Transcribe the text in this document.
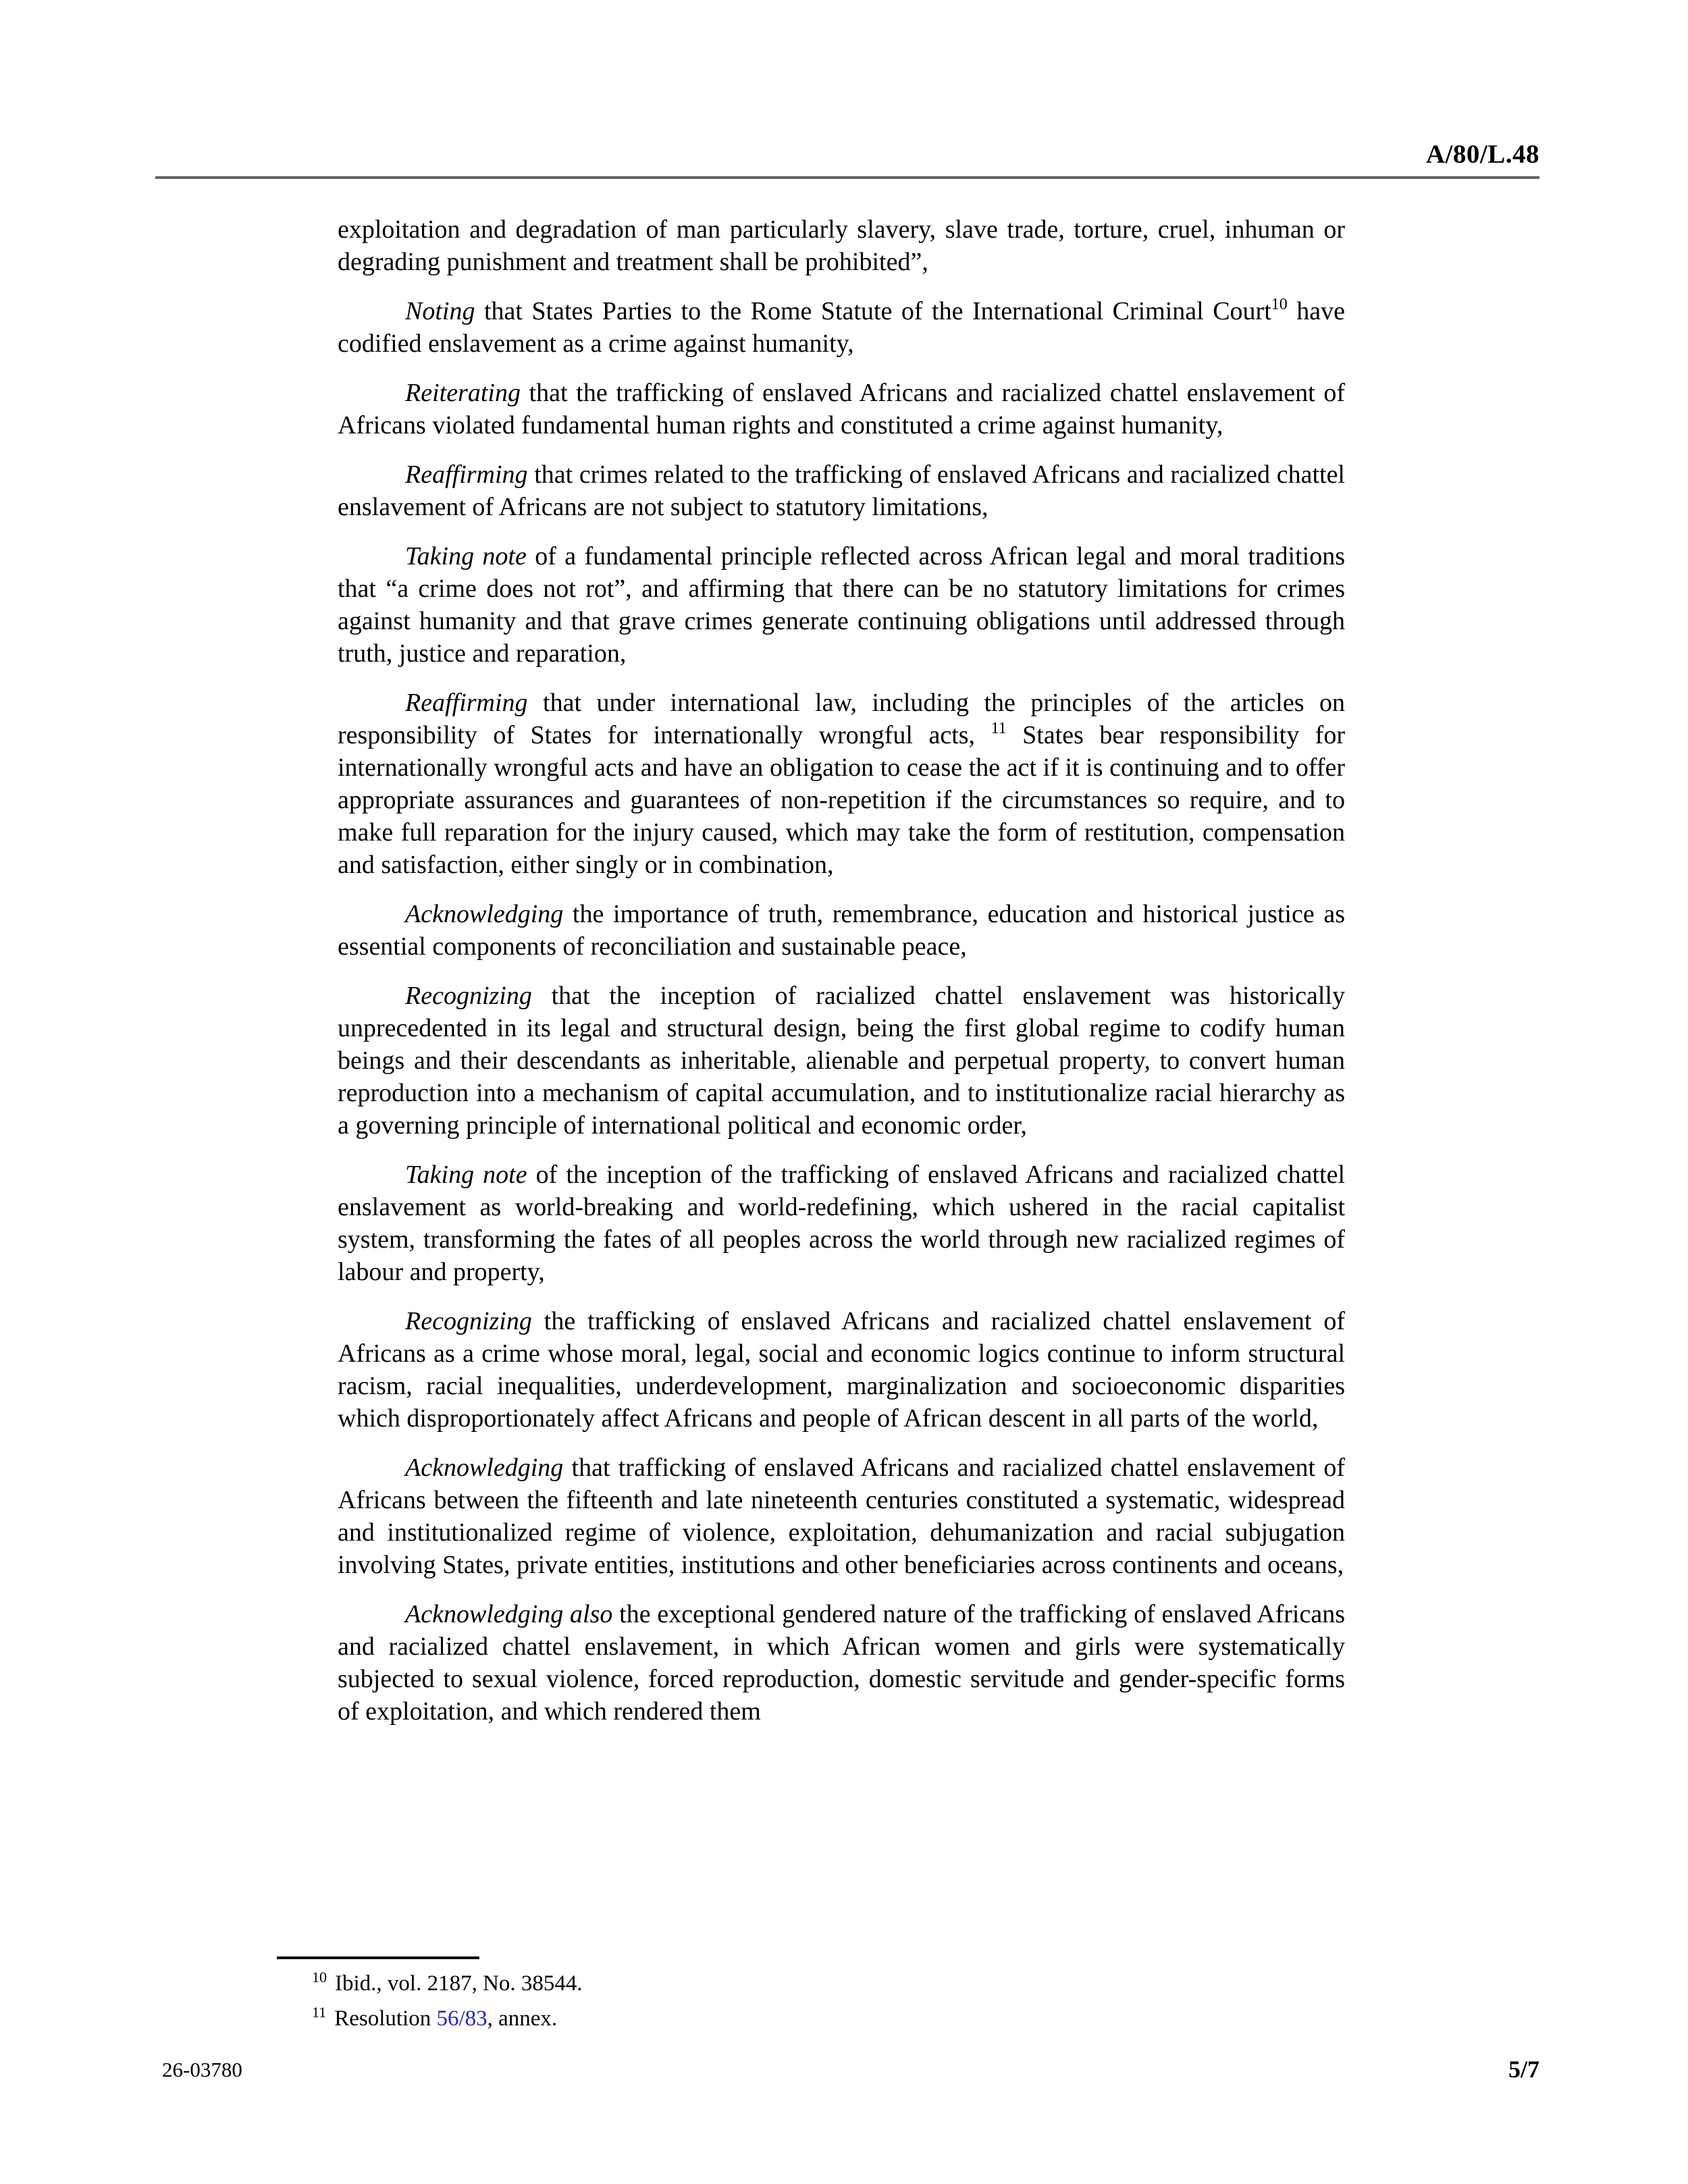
A/80/L.48

exploitation and degradation of man particularly slavery, slave trade, torture, cruel, inhuman or degrading punishment and treatment shall be prohibited”,

Noting that States Parties to the Rome Statute of the International Criminal Court$^{10}$ have codified enslavement as a crime against humanity,

Reiterating that the trafficking of enslaved Africans and racialized chattel enslavement of Africans violated fundamental human rights and constituted a crime against humanity,

Reaffirming that crimes related to the trafficking of enslaved Africans and racialized chattel enslavement of Africans are not subject to statutory limitations,

Taking note of a fundamental principle reflected across African legal and moral traditions that “a crime does not rot”, and affirming that there can be no statutory limitations for crimes against humanity and that grave crimes generate continuing obligations until addressed through truth, justice and reparation,

Reaffirming that under international law, including the principles of the articles on responsibility of States for internationally wrongful acts, $^{11}$ States bear responsibility for internationally wrongful acts and have an obligation to cease the act if it is continuing and to offer appropriate assurances and guarantees of non-repetition if the circumstances so require, and to make full reparation for the injury caused, which may take the form of restitution, compensation and satisfaction, either singly or in combination,

Acknowledging the importance of truth, remembrance, education and historical justice as essential components of reconciliation and sustainable peace,

Recognizing that the inception of racialized chattel enslavement was historically unprecedented in its legal and structural design, being the first global regime to codify human beings and their descendants as inheritable, alienable and perpetual property, to convert human reproduction into a mechanism of capital accumulation, and to institutionalize racial hierarchy as a governing principle of international political and economic order,

Taking note of the inception of the trafficking of enslaved Africans and racialized chattel enslavement as world-breaking and world-redefining, which ushered in the racial capitalist system, transforming the fates of all peoples across the world through new racialized regimes of labour and property,

Recognizing the trafficking of enslaved Africans and racialized chattel enslavement of Africans as a crime whose moral, legal, social and economic logics continue to inform structural racism, racial inequalities, underdevelopment, marginalization and socioeconomic disparities which disproportionately affect Africans and people of African descent in all parts of the world,

Acknowledging that trafficking of enslaved Africans and racialized chattel enslavement of Africans between the fifteenth and late nineteenth centuries constituted a systematic, widespread and institutionalized regime of violence, exploitation, dehumanization and racial subjugation involving States, private entities, institutions and other beneficiaries across continents and oceans,

Acknowledging also the exceptional gendered nature of the trafficking of enslaved Africans and racialized chattel enslavement, in which African women and girls were systematically subjected to sexual violence, forced reproduction, domestic servitude and gender-specific forms of exploitation, and which rendered them

$^{10}$ Ibid., vol. 2187, No. 38544.
$^{11}$ Resolution 56/83, annex.
26-03780	5/7
